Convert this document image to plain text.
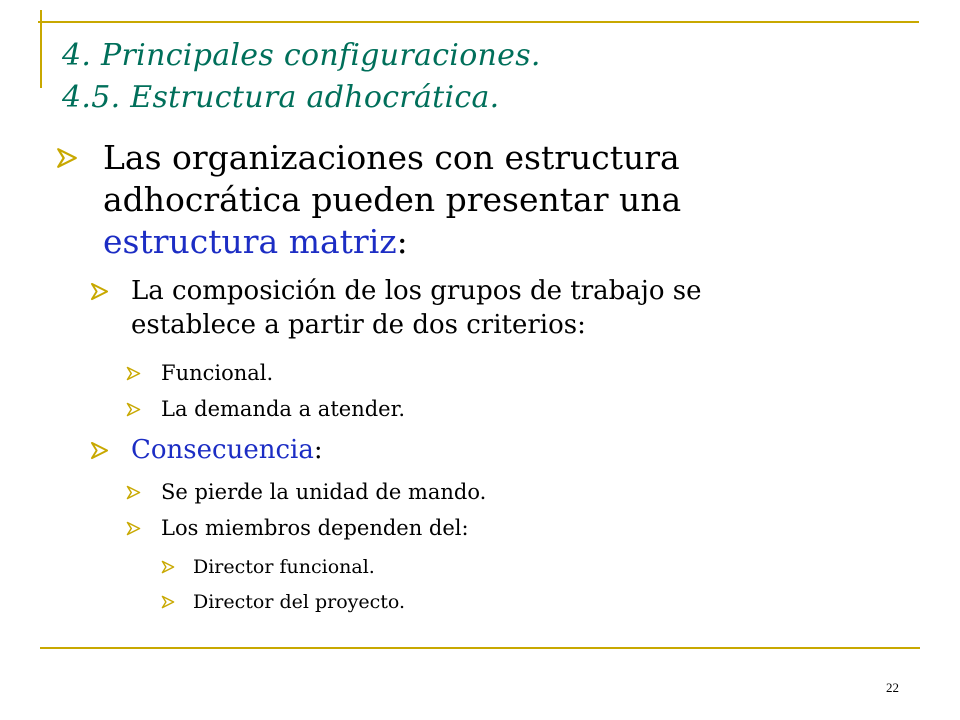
4. Principales configuraciones.
4.5. Estructura adhocrática.
Las organizaciones con estructura
adhocrática pueden presentar una
estructura matriz:
La composición de los grupos de trabajo se
establece a partir de dos criterios:
Funcional.
La demanda a atender.
Consecuencia:
Se pierde la unidad de mando.
Los miembros dependen del:
Director funcional.
Director del proyecto.
22
